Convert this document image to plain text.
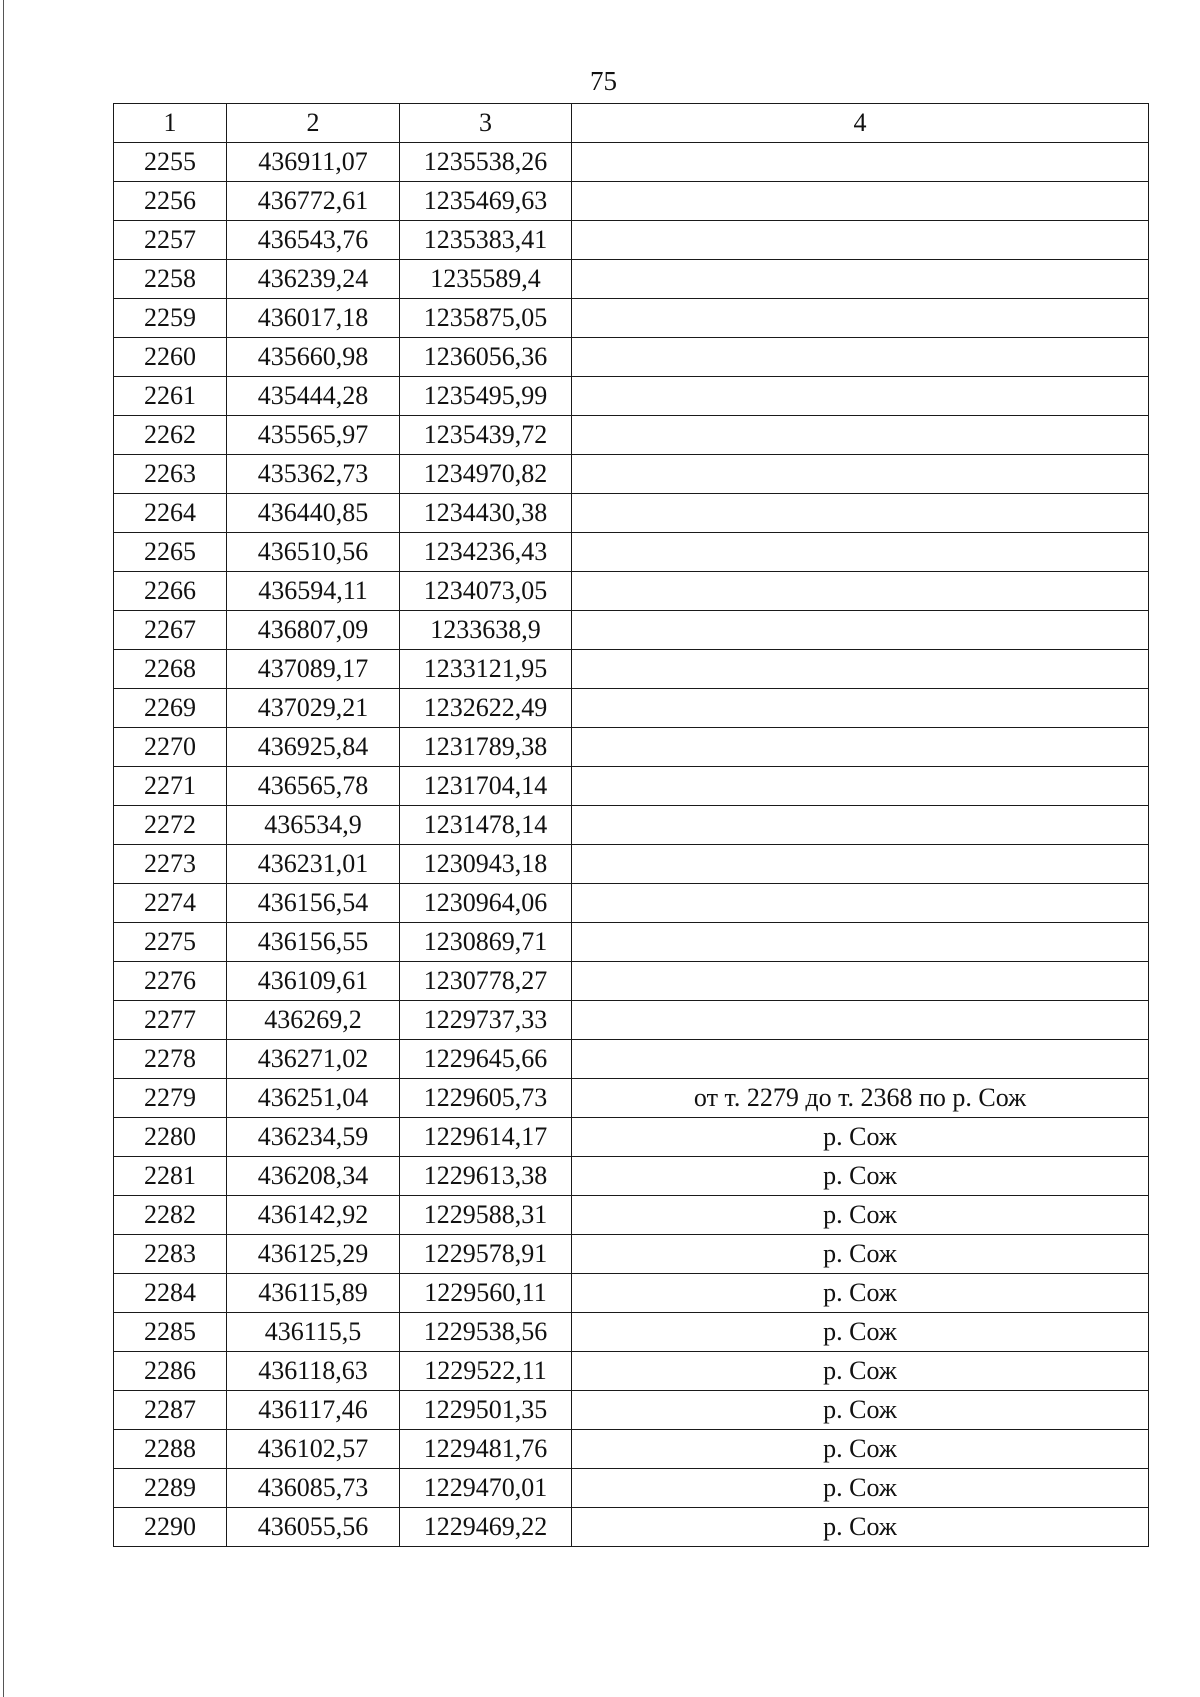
75
1	2	3	4
2255	436911,07	1235538,26	
2256	436772,61	1235469,63	
2257	436543,76	1235383,41	
2258	436239,24	1235589,4	
2259	436017,18	1235875,05	
2260	435660,98	1236056,36	
2261	435444,28	1235495,99	
2262	435565,97	1235439,72	
2263	435362,73	1234970,82	
2264	436440,85	1234430,38	
2265	436510,56	1234236,43	
2266	436594,11	1234073,05	
2267	436807,09	1233638,9	
2268	437089,17	1233121,95	
2269	437029,21	1232622,49	
2270	436925,84	1231789,38	
2271	436565,78	1231704,14	
2272	436534,9	1231478,14	
2273	436231,01	1230943,18	
2274	436156,54	1230964,06	
2275	436156,55	1230869,71	
2276	436109,61	1230778,27	
2277	436269,2	1229737,33	
2278	436271,02	1229645,66	
2279	436251,04	1229605,73	от т. 2279 до т. 2368 по р. Сож
2280	436234,59	1229614,17	р. Сож
2281	436208,34	1229613,38	р. Сож
2282	436142,92	1229588,31	р. Сож
2283	436125,29	1229578,91	р. Сож
2284	436115,89	1229560,11	р. Сож
2285	436115,5	1229538,56	р. Сож
2286	436118,63	1229522,11	р. Сож
2287	436117,46	1229501,35	р. Сож
2288	436102,57	1229481,76	р. Сож
2289	436085,73	1229470,01	р. Сож
2290	436055,56	1229469,22	р. Сож
